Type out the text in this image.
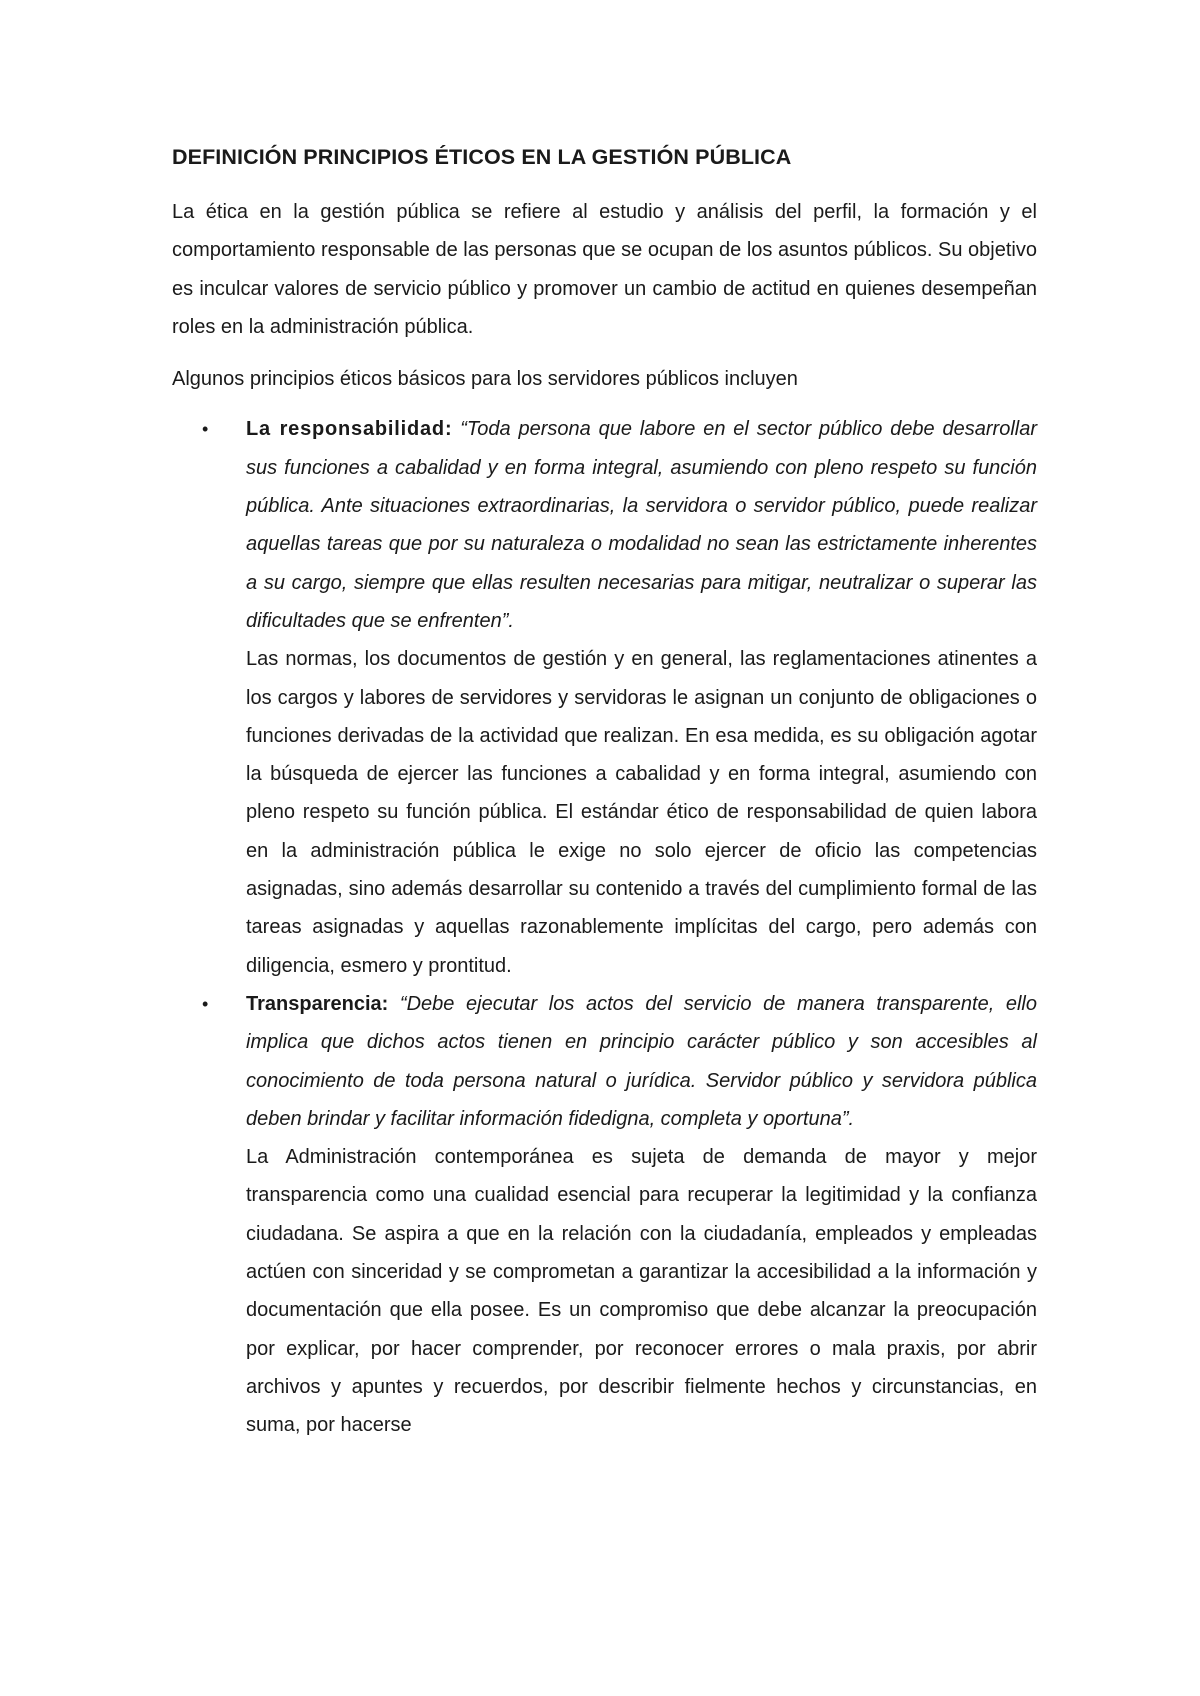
DEFINICIÓN PRINCIPIOS ÉTICOS EN LA GESTIÓN PÚBLICA

La ética en la gestión pública se refiere al estudio y análisis del perfil, la formación y el comportamiento responsable de las personas que se ocupan de los asuntos públicos. Su objetivo es inculcar valores de servicio público y promover un cambio de actitud en quienes desempeñan roles en la administración pública.

Algunos principios éticos básicos para los servidores públicos incluyen

• La responsabilidad: “Toda persona que labore en el sector público debe desarrollar sus funciones a cabalidad y en forma integral, asumiendo con pleno respeto su función pública. Ante situaciones extraordinarias, la servidora o servidor público, puede realizar aquellas tareas que por su naturaleza o modalidad no sean las estrictamente inherentes a su cargo, siempre que ellas resulten necesarias para mitigar, neutralizar o superar las dificultades que se enfrenten”.
Las normas, los documentos de gestión y en general, las reglamentaciones atinentes a los cargos y labores de servidores y servidoras le asignan un conjunto de obligaciones o funciones derivadas de la actividad que realizan. En esa medida, es su obligación agotar la búsqueda de ejercer las funciones a cabalidad y en forma integral, asumiendo con pleno respeto su función pública. El estándar ético de responsabilidad de quien labora en la administración pública le exige no solo ejercer de oficio las competencias asignadas, sino además desarrollar su contenido a través del cumplimiento formal de las tareas asignadas y aquellas razonablemente implícitas del cargo, pero además con diligencia, esmero y prontitud.
• Transparencia: “Debe ejecutar los actos del servicio de manera transparente, ello implica que dichos actos tienen en principio carácter público y son accesibles al conocimiento de toda persona natural o jurídica. Servidor público y servidora pública deben brindar y facilitar información fidedigna, completa y oportuna”.
La Administración contemporánea es sujeta de demanda de mayor y mejor transparencia como una cualidad esencial para recuperar la legitimidad y la confianza ciudadana. Se aspira a que en la relación con la ciudadanía, empleados y empleadas actúen con sinceridad y se comprometan a garantizar la accesibilidad a la información y documentación que ella posee. Es un compromiso que debe alcanzar la preocupación por explicar, por hacer comprender, por reconocer errores o mala praxis, por abrir archivos y apuntes y recuerdos, por describir fielmente hechos y circunstancias, en suma, por hacerse
